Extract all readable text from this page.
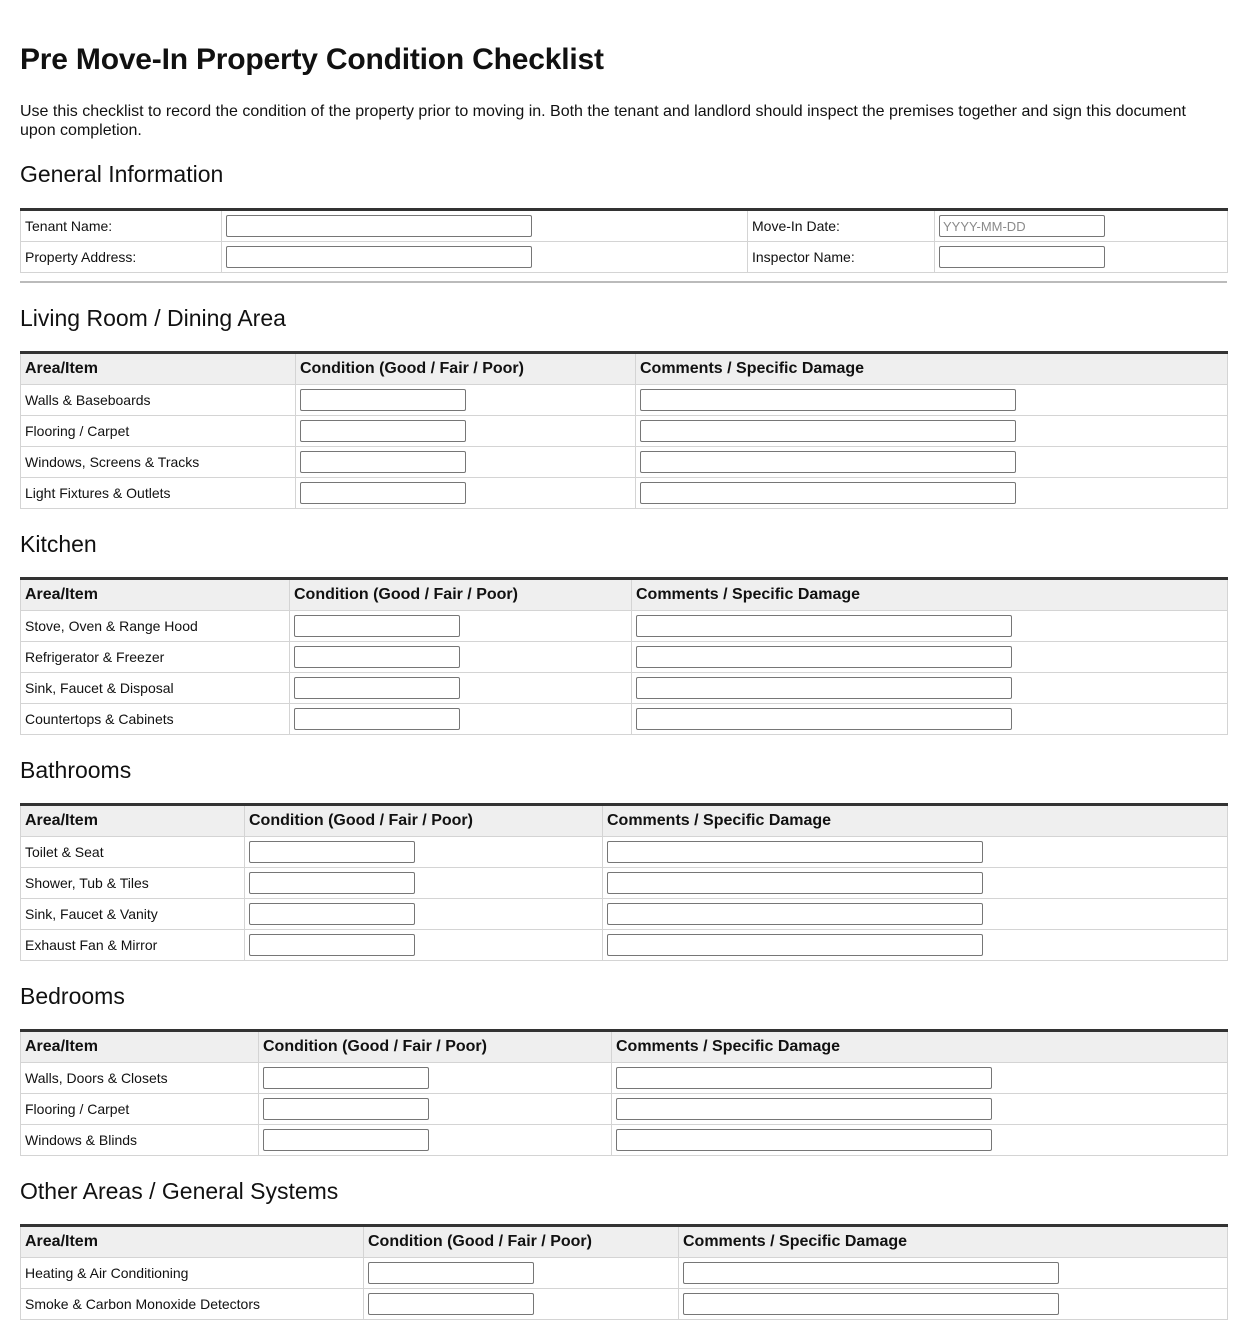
Pre Move-In Property Condition Checklist

Use this checklist to record the condition of the property prior to moving in. Both the tenant and landlord should inspect the premises together and sign this document upon completion.

General Information
Tenant Name:		Move-In Date:	
YYYY-MM-DD
Property Address:		Inspector Name:	
Living Room / Dining Area
Area/Item	Condition (Good / Fair / Poor)	Comments / Specific Damage
Walls & Baseboards	

Flooring / Carpet	

Windows, Screens & Tracks	

Light Fixtures & Outlets	

Kitchen
Area/Item	Condition (Good / Fair / Poor)	Comments / Specific Damage
Stove, Oven & Range Hood	

Refrigerator & Freezer	

Sink, Faucet & Disposal	

Countertops & Cabinets	

Bathrooms
Area/Item	Condition (Good / Fair / Poor)	Comments / Specific Damage
Toilet & Seat	

Shower, Tub & Tiles	

Sink, Faucet & Vanity	

Exhaust Fan & Mirror	

Bedrooms
Area/Item	Condition (Good / Fair / Poor)	Comments / Specific Damage
Walls, Doors & Closets	

Flooring / Carpet	

Windows & Blinds	

Other Areas / General Systems
Area/Item	Condition (Good / Fair / Poor)	Comments / Specific Damage
Heating & Air Conditioning	

Smoke & Carbon Monoxide Detectors	
